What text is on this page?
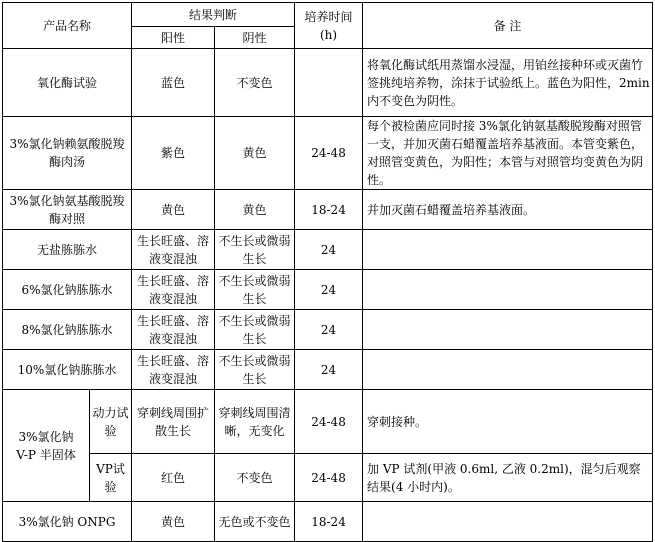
产品名称		结果判断		培养时间
(h)	备 注
		阳性	阴性		
氧化酶试验		蓝色	不变色		将氧化酶试纸用蒸馏水浸湿，用铂丝接种环或灭菌竹签挑纯培养物，涂抹于试验纸上。蓝色为阳性，2min内不变色为阴性。
3%氯化钠赖氨酸脱羧酶肉汤		紫色	黄色	24-48	每个被检菌应同时接 3%氯化钠氨基酸脱羧酶对照管一支，并加灭菌石蜡覆盖培养基液面。本管变紫色，对照管变黄色，为阳性；本管与对照管均变黄色为阴性。
3%氯化钠氨基酸脱羧酶对照		黄色	黄色	18-24	并加灭菌石蜡覆盖培养基液面。
无盐胨胨水		生长旺盛、溶液变混浊	不生长或微弱生长	24	
6%氯化钠胨胨水		生长旺盛、溶液变混浊	不生长或微弱生长	24	
8%氯化钠胨胨水		生长旺盛、溶液变混浊	不生长或微弱生长	24	
10%氯化钠胨胨水		生长旺盛、溶液变混浊	不生长或微弱生长	24	
3%氯化钠
V-P 半固体	动力试验	穿刺线周围扩散生长	穿刺线周围清晰，无变化	24-48	穿刺接种。
	VP试验	红色	不变色	24-48	加 VP 试剂(甲液 0.6ml, 乙液 0.2ml)，混匀后观察结果(4 小时内)。
3%氯化钠 ONPG		黄色	无色或不变色	18-24	
